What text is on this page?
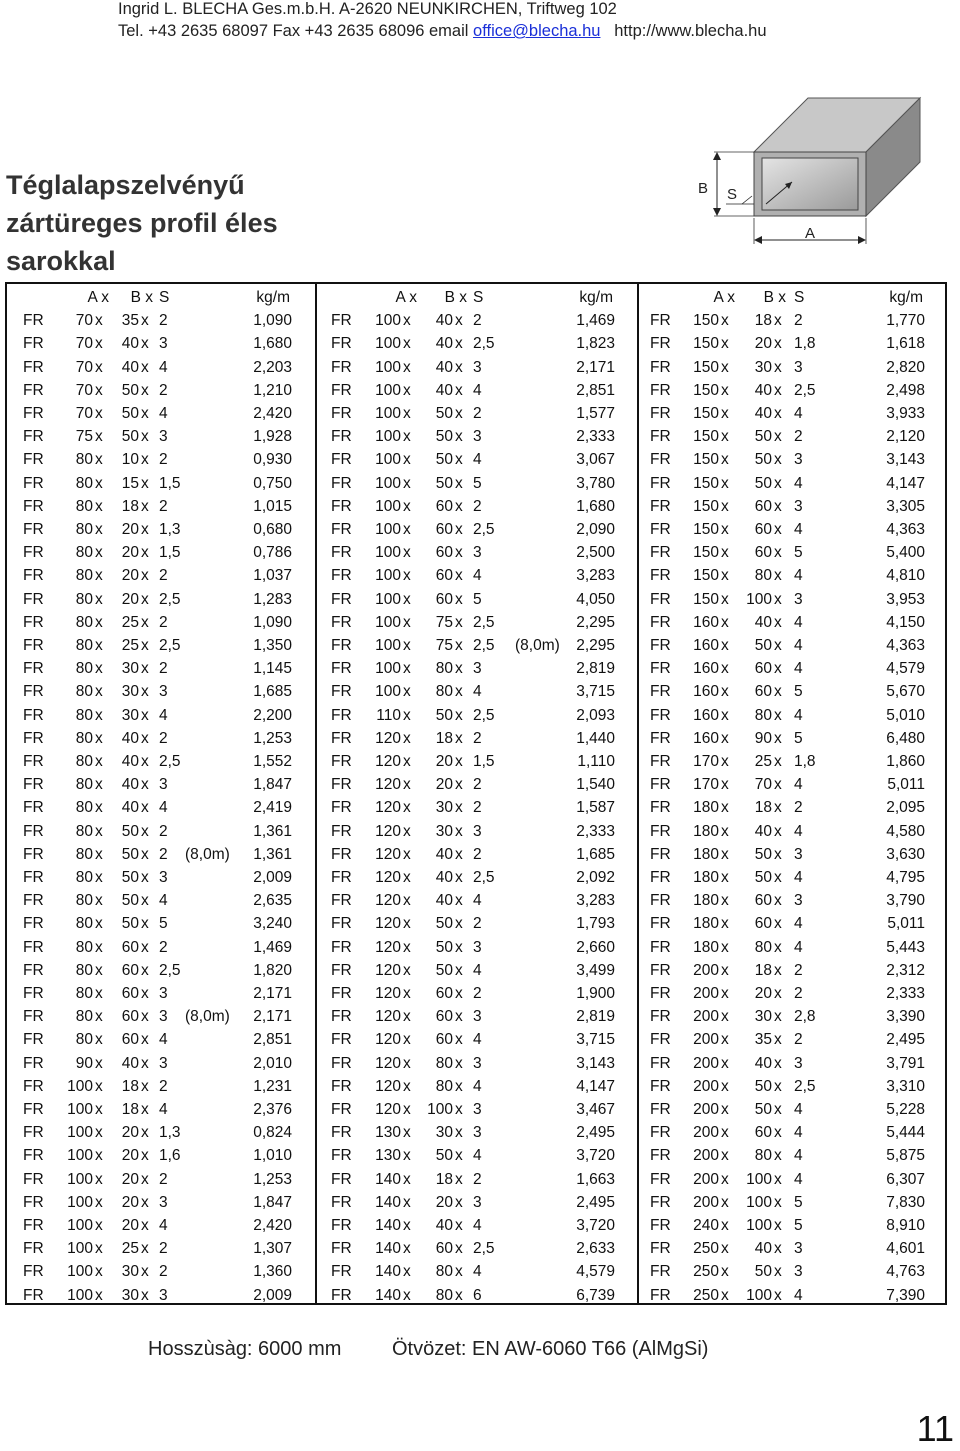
Ingrid L. BLECHA Ges.m.b.H. A-2620 NEUNKIRCHEN, Triftweg 102
Tel. +43 2635 68097 Fax +43 2635 68096 email office@blecha.hu http://www.blecha.hu
Téglalapszelvényű
zártüreges profil éles
sarokkal
B S
A
A x B x S	kg/m
FR 70 x 35 x 2	1,090
FR 70 x 40 x 3	1,680
FR 70 x 40 x 4	2,203
FR 70 x 50 x 2	1,210
FR 70 x 50 x 4	2,420
FR 75 x 50 x 3	1,928
FR 80 x 10 x 2	0,930
FR 80 x 15 x 1,5	0,750
FR 80 x 18 x 2	1,015
FR 80 x 20 x 1,3	0,680
FR 80 x 20 x 1,5	0,786
FR 80 x 20 x 2	1,037
FR 80 x 20 x 2,5	1,283
FR 80 x 25 x 2	1,090
FR 80 x 25 x 2,5	1,350
FR 80 x 30 x 2	1,145
FR 80 x 30 x 3	1,685
FR 80 x 30 x 4	2,200
FR 80 x 40 x 2	1,253
FR 80 x 40 x 2,5	1,552
FR 80 x 40 x 3	1,847
FR 80 x 40 x 4	2,419
FR 80 x 50 x 2	1,361
FR 80 x 50 x 2 (8,0m) 1,361
FR 80 x 50 x 3	2,009
FR 80 x 50 x 4	2,635
FR 80 x 50 x 5	3,240
FR 80 x 60 x 2	1,469
FR 80 x 60 x 2,5	1,820
FR 80 x 60 x 3	2,171
FR 80 x 60 x 3 (8,0m) 2,171
FR 80 x 60 x 4	2,851
FR 90 x 40 x 3	2,010
FR 100 x 18 x 2	1,231
FR 100 x 18 x 4	2,376
FR 100 x 20 x 1,3	0,824
FR 100 x 20 x 1,6	1,010
FR 100 x 20 x 2	1,253
FR 100 x 20 x 3	1,847
FR 100 x 20 x 4	2,420
FR 100 x 25 x 2	1,307
FR 100 x 30 x 2	1,360
FR 100 x 30 x 3	2,009
A x B x S	kg/m
FR 100 x 40 x 2	1,469
FR 100 x 40 x 2,5	1,823
FR 100 x 40 x 3	2,171
FR 100 x 40 x 4	2,851
FR 100 x 50 x 2	1,577
FR 100 x 50 x 3	2,333
FR 100 x 50 x 4	3,067
FR 100 x 50 x 5	3,780
FR 100 x 60 x 2	1,680
FR 100 x 60 x 2,5	2,090
FR 100 x 60 x 3	2,500
FR 100 x 60 x 4	3,283
FR 100 x 60 x 5	4,050
FR 100 x 75 x 2,5	2,295
FR 100 x 75 x 2,5 (8,0m) 2,295
FR 100 x 80 x 3	2,819
FR 100 x 80 x 4	3,715
FR 110 x 50 x 2,5	2,093
FR 120 x 18 x 2	1,440
FR 120 x 20 x 1,5	1,110
FR 120 x 20 x 2	1,540
FR 120 x 30 x 2	1,587
FR 120 x 30 x 3	2,333
FR 120 x 40 x 2	1,685
FR 120 x 40 x 2,5	2,092
FR 120 x 40 x 4	3,283
FR 120 x 50 x 2	1,793
FR 120 x 50 x 3	2,660
FR 120 x 50 x 4	3,499
FR 120 x 60 x 2	1,900
FR 120 x 60 x 3	2,819
FR 120 x 60 x 4	3,715
FR 120 x 80 x 3	3,143
FR 120 x 80 x 4	4,147
FR 120 x 100 x 3	3,467
FR 130 x 30 x 3	2,495
FR 130 x 50 x 4	3,720
FR 140 x 18 x 2	1,663
FR 140 x 20 x 3	2,495
FR 140 x 40 x 4	3,720
FR 140 x 60 x 2,5	2,633
FR 140 x 80 x 4	4,579
FR 140 x 80 x 6	6,739
A x B x S	kg/m
FR 150 x 18 x 2	1,770
FR 150 x 20 x 1,8	1,618
FR 150 x 30 x 3	2,820
FR 150 x 40 x 2,5	2,498
FR 150 x 40 x 4	3,933
FR 150 x 50 x 2	2,120
FR 150 x 50 x 3	3,143
FR 150 x 50 x 4	4,147
FR 150 x 60 x 3	3,305
FR 150 x 60 x 4	4,363
FR 150 x 60 x 5	5,400
FR 150 x 80 x 4	4,810
FR 150 x 100 x 3	3,953
FR 160 x 40 x 4	4,150
FR 160 x 50 x 4	4,363
FR 160 x 60 x 4	4,579
FR 160 x 60 x 5	5,670
FR 160 x 80 x 4	5,010
FR 160 x 90 x 5	6,480
FR 170 x 25 x 1,8	1,860
FR 170 x 70 x 4	5,011
FR 180 x 18 x 2	2,095
FR 180 x 40 x 4	4,580
FR 180 x 50 x 3	3,630
FR 180 x 50 x 4	4,795
FR 180 x 60 x 3	3,790
FR 180 x 60 x 4	5,011
FR 180 x 80 x 4	5,443
FR 200 x 18 x 2	2,312
FR 200 x 20 x 2	2,333
FR 200 x 30 x 2,8	3,390
FR 200 x 35 x 2	2,495
FR 200 x 40 x 3	3,791
FR 200 x 50 x 2,5	3,310
FR 200 x 50 x 4	5,228
FR 200 x 60 x 4	5,444
FR 200 x 80 x 4	5,875
FR 200 x 100 x 4	6,307
FR 200 x 100 x 5	7,830
FR 240 x 100 x 5	8,910
FR 250 x 40 x 3	4,601
FR 250 x 50 x 3	4,763
FR 250 x 100 x 4	7,390
Hosszùsàg: 6000 mm	Ötvözet: EN AW-6060 T66 (AlMgSi)
11
